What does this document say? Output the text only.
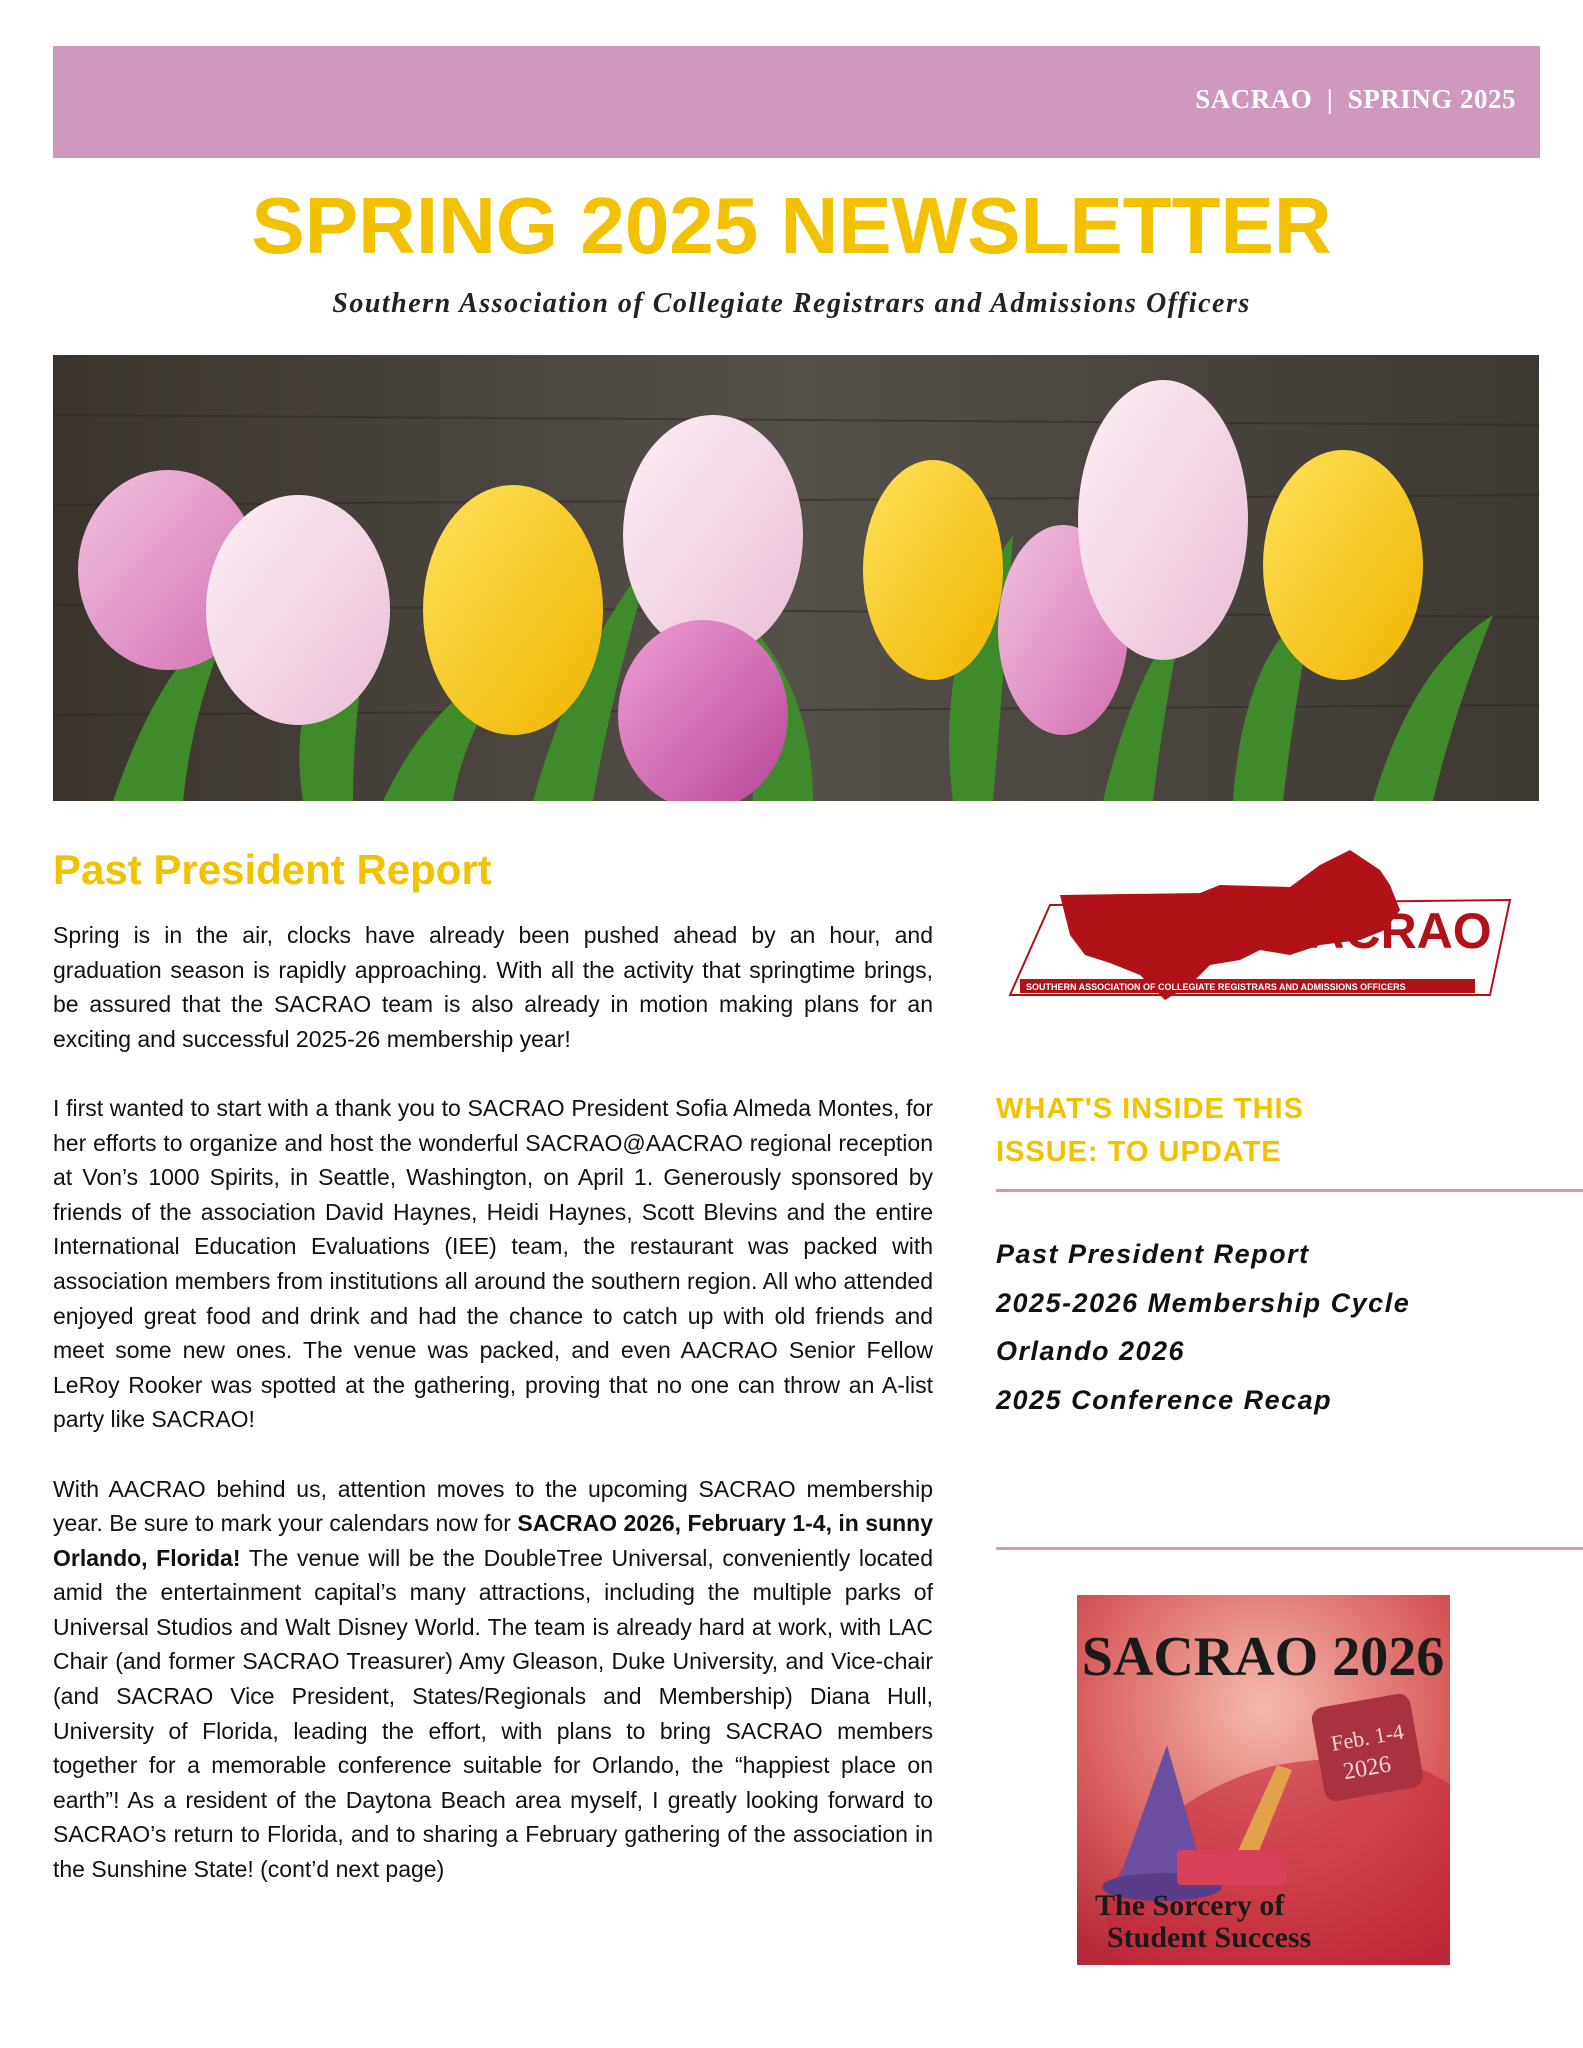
SACRAO | SPRING 2025
SPRING 2025 NEWSLETTER
Southern Association of Collegiate Registrars and Admissions Officers
Past President Report

Spring is in the air, clocks have already been pushed ahead by an hour, and graduation season is rapidly approaching. With all the activity that springtime brings, be assured that the SACRAO team is also already in motion making plans for an exciting and successful 2025-26 membership year!

I first wanted to start with a thank you to SACRAO President Sofia Almeda Montes, for her efforts to organize and host the wonderful SACRAO@AACRAO regional reception at Von’s 1000 Spirits, in Seattle, Washington, on April 1. Generously sponsored by friends of the association David Haynes, Heidi Haynes, Scott Blevins and the entire International Education Evaluations (IEE) team, the restaurant was packed with association members from institutions all around the southern region. All who attended enjoyed great food and drink and had the chance to catch up with old friends and meet some new ones. The venue was packed, and even AACRAO Senior Fellow LeRoy Rooker was spotted at the gathering, proving that no one can throw an A-list party like SACRAO!

With AACRAO behind us, attention moves to the upcoming SACRAO membership year. Be sure to mark your calendars now for SACRAO 2026, February 1-4, in sunny Orlando, Florida! The venue will be the DoubleTree Universal, conveniently located amid the entertainment capital’s many attractions, including the multiple parks of Universal Studios and Walt Disney World. The team is already hard at work, with LAC Chair (and former SACRAO Treasurer) Amy Gleason, Duke University, and Vice-chair (and SACRAO Vice President, States/Regionals and Membership) Diana Hull, University of Florida, leading the effort, with plans to bring SACRAO members together for a memorable conference suitable for Orlando, the “happiest place on earth”! As a resident of the Daytona Beach area myself, I greatly looking forward to SACRAO’s return to Florida, and to sharing a February gathering of the association in the Sunshine State! (cont’d next page)

SACRAO
SOUTHERN ASSOCIATION OF COLLEGIATE REGISTRARS AND ADMISSIONS OFFICERS
WHAT'S INSIDE THIS ISSUE: TO UPDATE
Past President Report
2025-2026 Membership Cycle
Orlando 2026
2025 Conference Recap
SACRAO 2026
Feb. 1-4
2026
The Sorcery of
Student Success
